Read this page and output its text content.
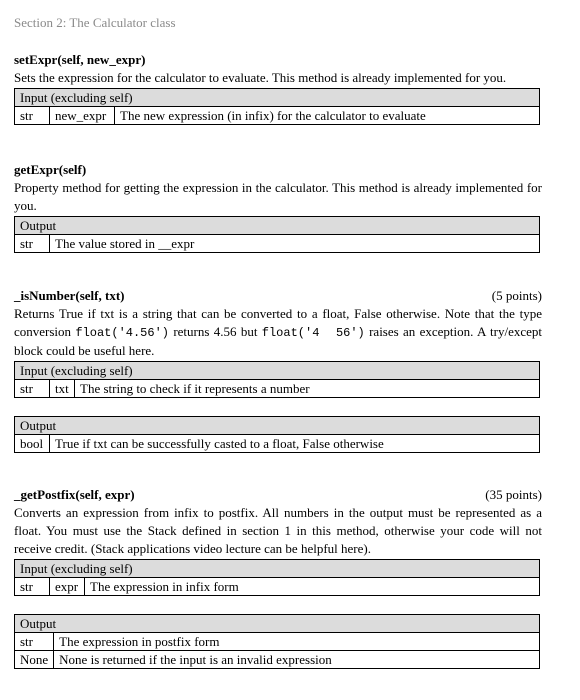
Section 2: The Calculator class
setExpr(self, new_expr)
Sets the expression for the calculator to evaluate. This method is already implemented for you.
Input (excluding self)
str	new_expr	The new expression (in infix) for the calculator to evaluate
getExpr(self)
Property method for getting the expression in the calculator. This method is already implemented for you.
Output
str	The value stored in __expr
_isNumber(self, txt)	(5 points)
Returns True if txt is a string that can be converted to a float, False otherwise. Note that the type conversion float('4.56') returns 4.56 but float('4  56') raises an exception. A try/except block could be useful here.
Input (excluding self)
str	txt	The string to check if it represents a number
Output
bool	True if txt can be successfully casted to a float, False otherwise
_getPostfix(self, expr)	(35 points)
Converts an expression from infix to postfix. All numbers in the output must be represented as a float. You must use the Stack defined in section 1 in this method, otherwise your code will not receive credit. (Stack applications video lecture can be helpful here).
Input (excluding self)
str	expr	The expression in infix form
Output	
str	The expression in postfix form
None	None is returned if the input is an invalid expression
